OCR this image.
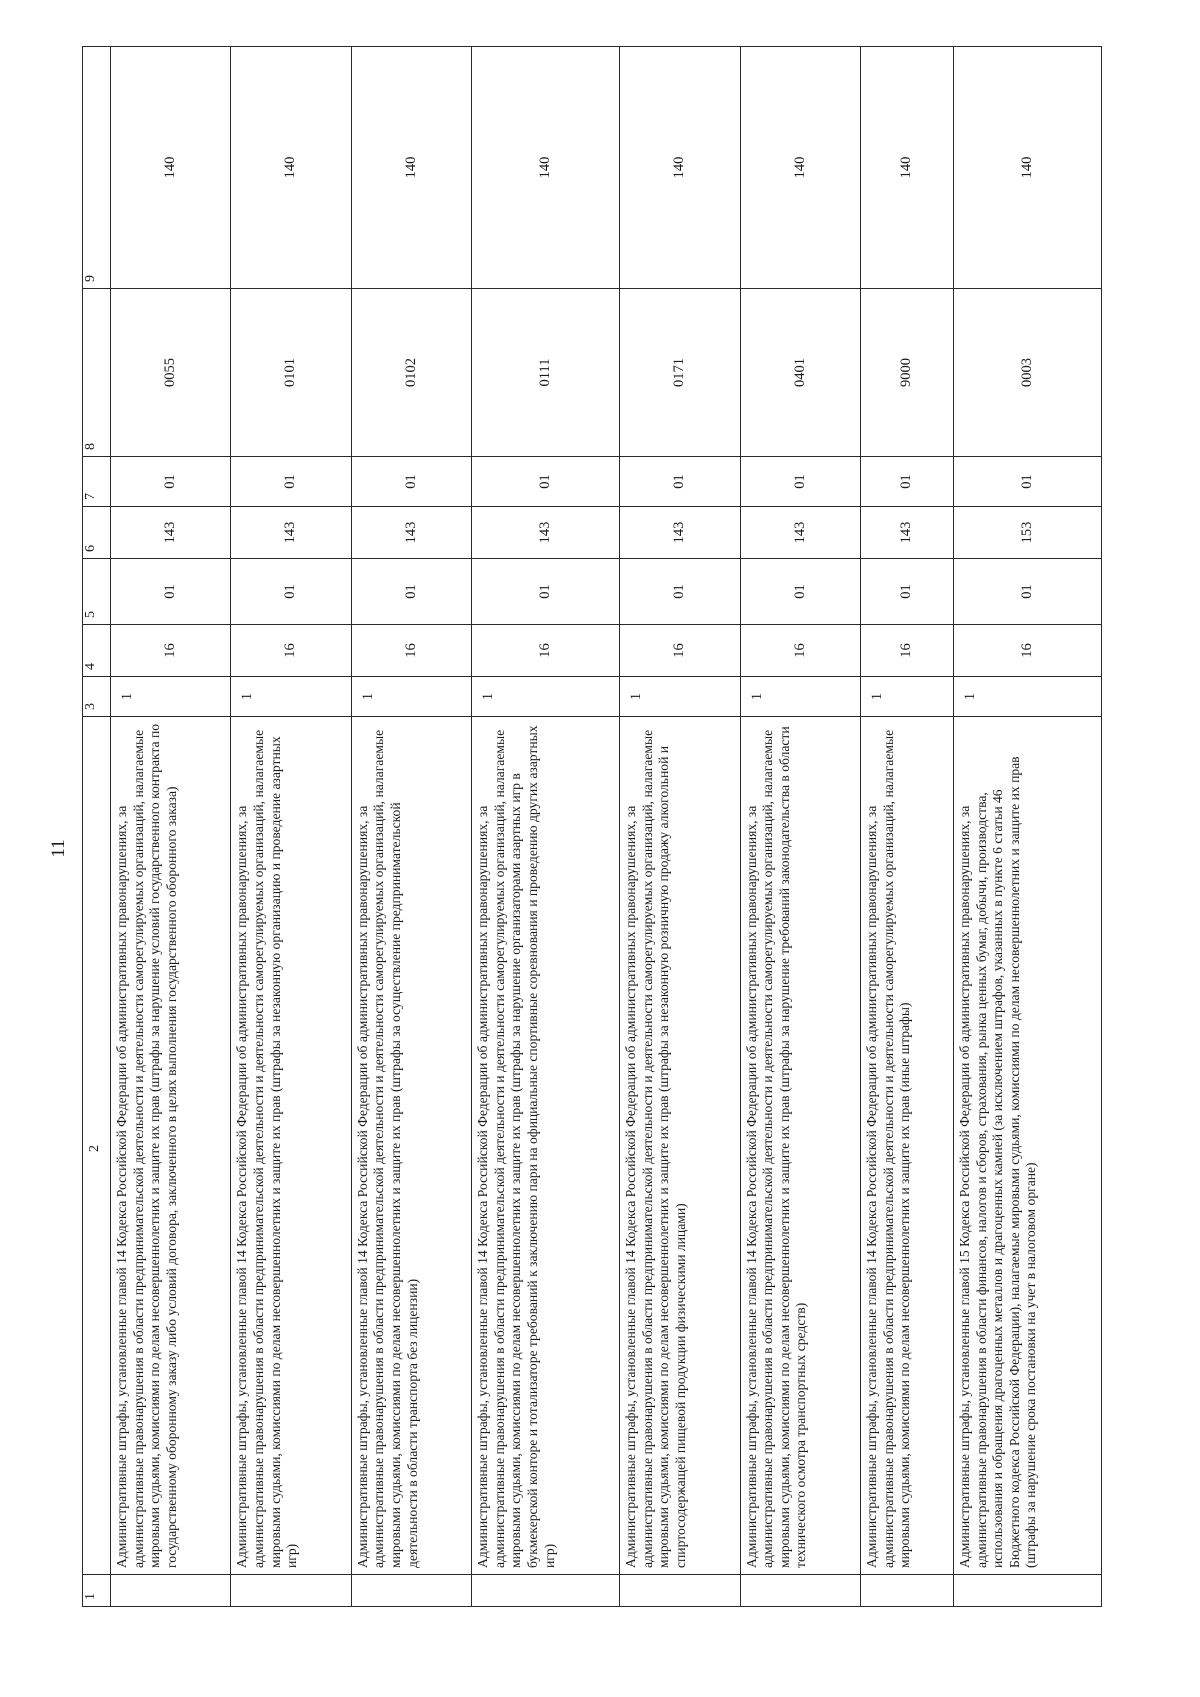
11
1	2	3	4	5	6	7	8	9
	Административные штрафы, установленные главой 14 Кодекса Российской Федерации об административных правонарушениях, за административные правонарушения в области предпринимательской деятельности и деятельности саморегулируемых организаций, налагаемые мировыми судьями, комиссиями по делам несовершеннолетних и защите их прав (штрафы за нарушение условий государственного контракта по государственному оборонному заказу либо условий договора, заключенного в целях выполнения государственного оборонного заказа)	1	16	01	143	01	0055	140
	Административные штрафы, установленные главой 14 Кодекса Российской Федерации об административных правонарушениях, за административные правонарушения в области предпринимательской деятельности и деятельности саморегулируемых организаций, налагаемые мировыми судьями, комиссиями по делам несовершеннолетних и защите их прав (штрафы за незаконную организацию и проведение азартных игр)	1	16	01	143	01	0101	140
	Административные штрафы, установленные главой 14 Кодекса Российской Федерации об административных правонарушениях, за административные правонарушения в области предпринимательской деятельности и деятельности саморегулируемых организаций, налагаемые мировыми судьями, комиссиями по делам несовершеннолетних и защите их прав (штрафы за осуществление предпринимательской деятельности в области транспорта без лицензии)	1	16	01	143	01	0102	140
	Административные штрафы, установленные главой 14 Кодекса Российской Федерации об административных правонарушениях, за административные правонарушения в области предпринимательской деятельности и деятельности саморегулируемых организаций, налагаемые мировыми судьями, комиссиями по делам несовершеннолетних и защите их прав (штрафы за нарушение организаторами азартных игр в букмекерской конторе и тотализаторе требований к заключению пари на официальные спортивные соревнования и проведению других азартных игр)	1	16	01	143	01	0111	140
	Административные штрафы, установленные главой 14 Кодекса Российской Федерации об административных правонарушениях, за административные правонарушения в области предпринимательской деятельности и деятельности саморегулируемых организаций, налагаемые мировыми судьями, комиссиями по делам несовершеннолетних и защите их прав (штрафы за незаконную розничную продажу алкогольной и спиртосодержащей пищевой продукции физическими лицами)	1	16	01	143	01	0171	140
	Административные штрафы, установленные главой 14 Кодекса Российской Федерации об административных правонарушениях, за административные правонарушения в области предпринимательской деятельности и деятельности саморегулируемых организаций, налагаемые мировыми судьями, комиссиями по делам несовершеннолетних и защите их прав (штрафы за нарушение требований законодательства в области технического осмотра транспортных средств)	1	16	01	143	01	0401	140
	Административные штрафы, установленные главой 14 Кодекса Российской Федерации об административных правонарушениях, за административные правонарушения в области предпринимательской деятельности и деятельности саморегулируемых организаций, налагаемые мировыми судьями, комиссиями по делам несовершеннолетних и защите их прав (иные штрафы)	1	16	01	143	01	9000	140
	Административные штрафы, установленные главой 15 Кодекса Российской Федерации об административных правонарушениях, за административные правонарушения в области финансов, налогов и сборов, страхования, рынка ценных бумаг, добычи, производства, использования и обращения драгоценных металлов и драгоценных камней (за исключением штрафов, указанных в пункте 6 статьи 46 Бюджетного кодекса Российской Федерации), налагаемые мировыми судьями, комиссиями по делам несовершеннолетних и защите их прав (штрафы за нарушение срока постановки на учет в налоговом органе)	1	16	01	153	01	0003	140
